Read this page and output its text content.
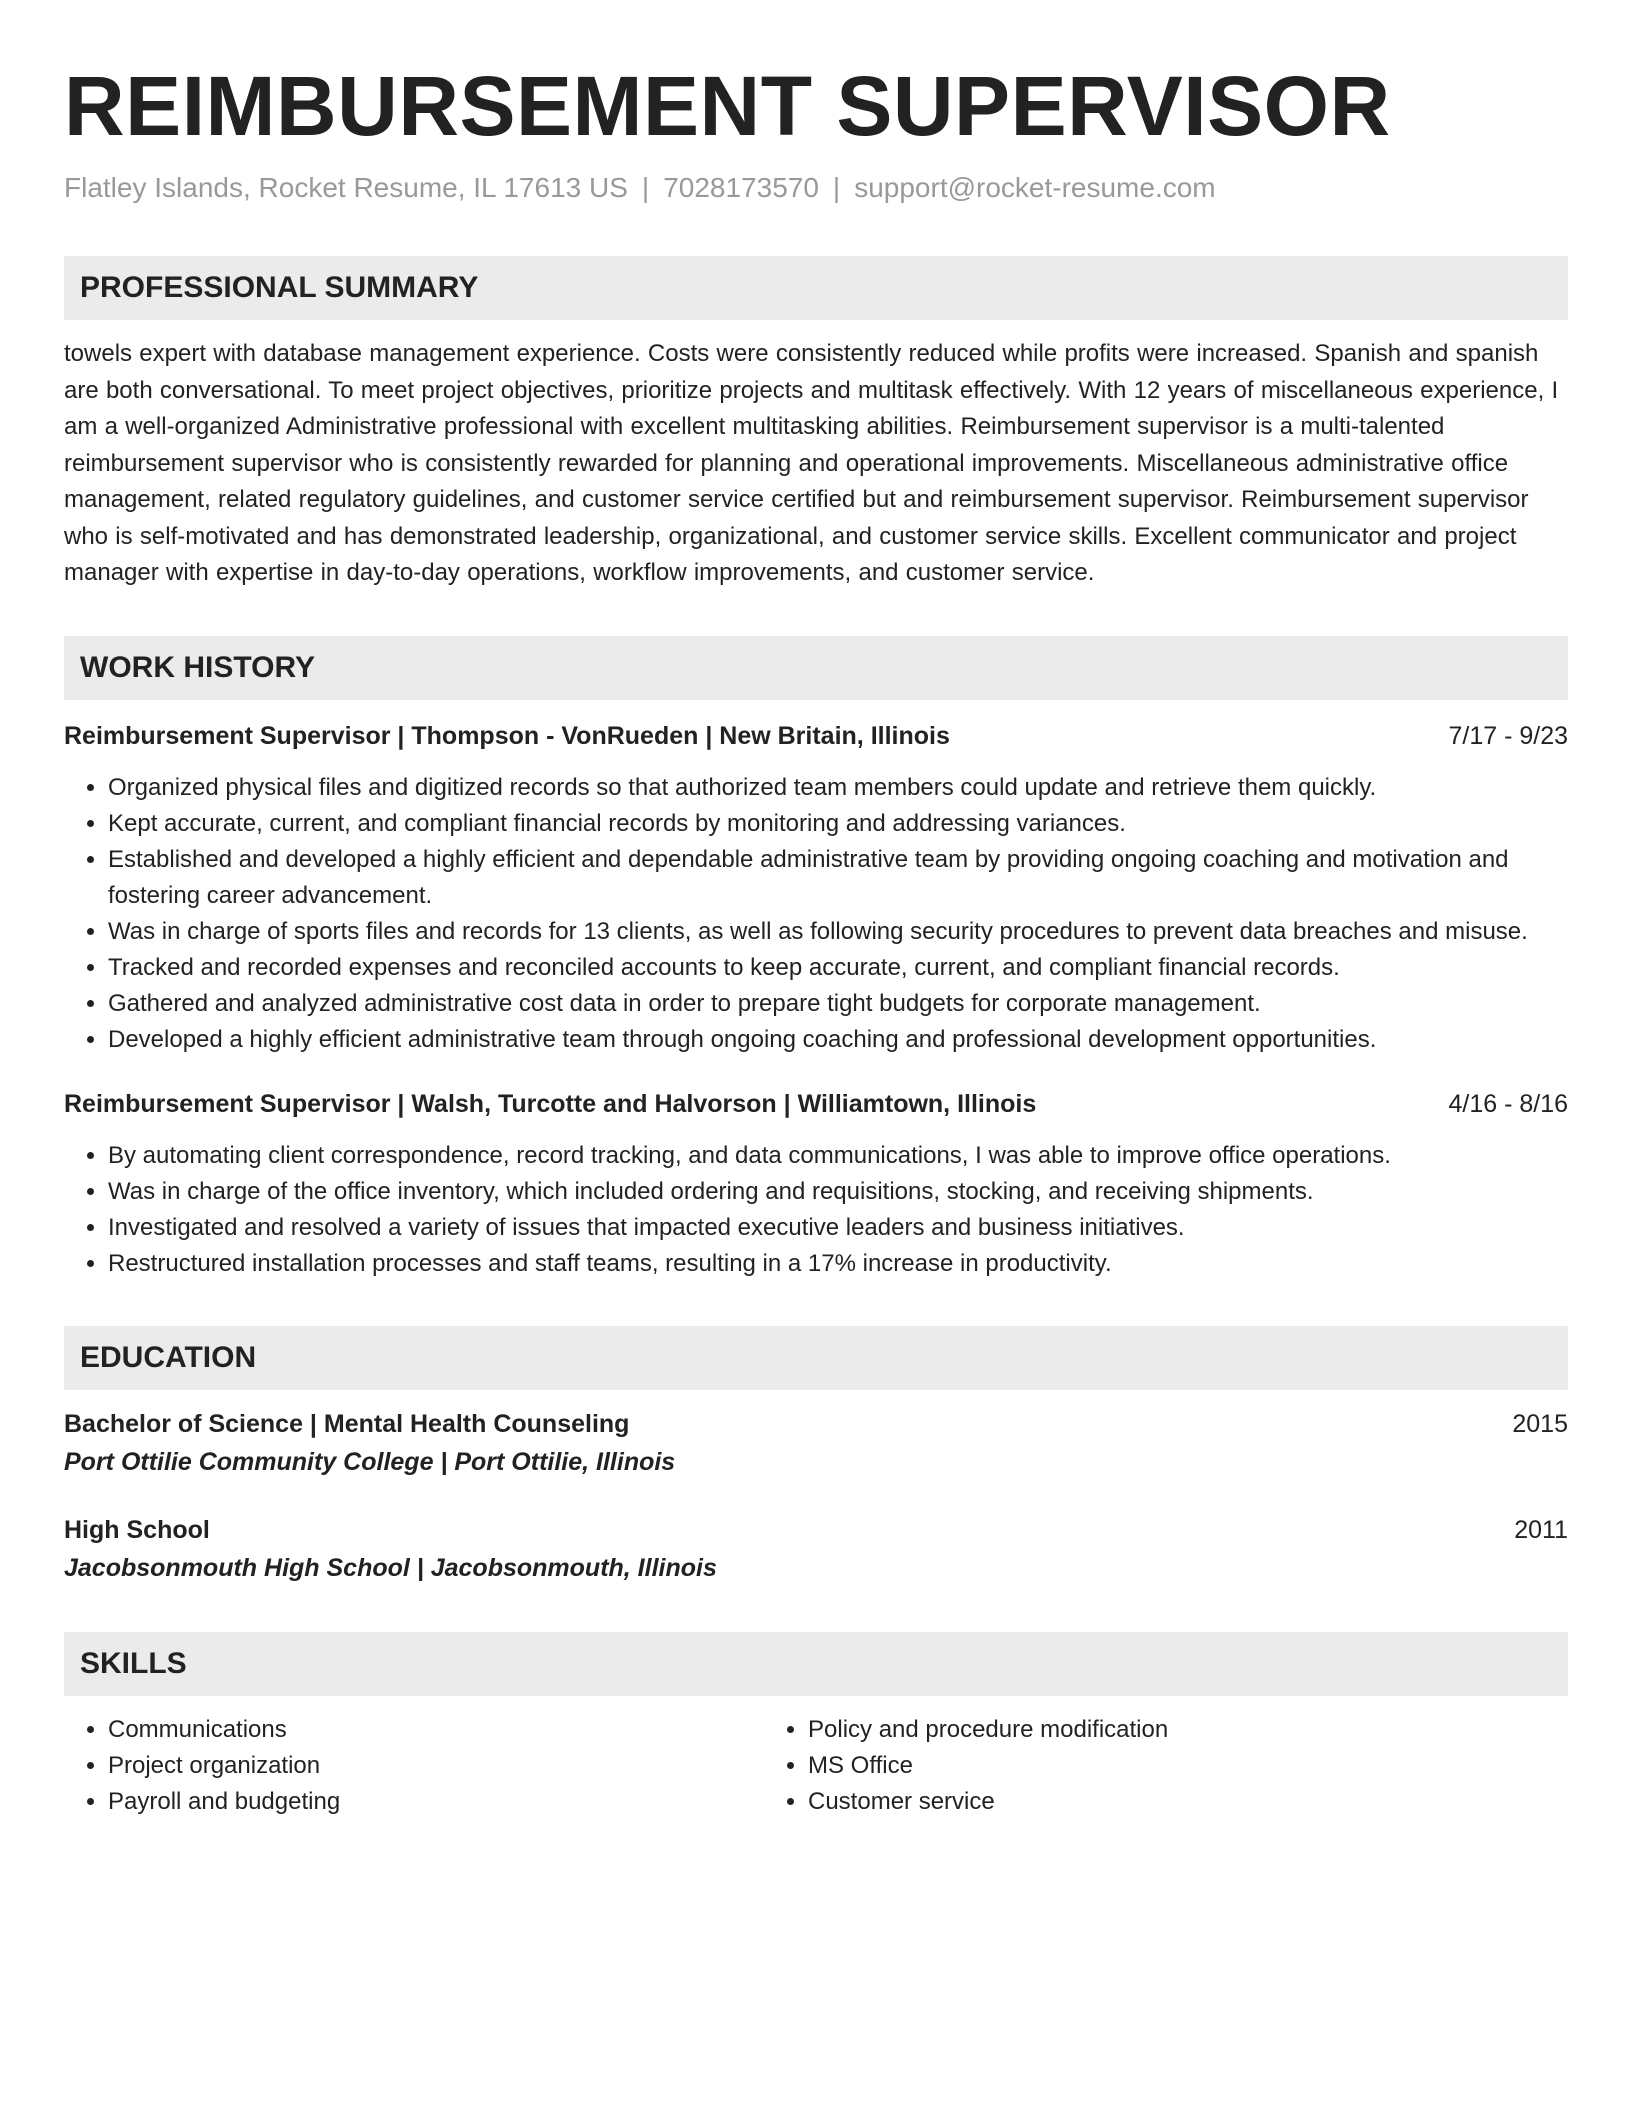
REIMBURSEMENT SUPERVISOR
Flatley Islands, Rocket Resume, IL 17613 US | 7028173570 | support@rocket-resume.com
PROFESSIONAL SUMMARY
towels expert with database management experience. Costs were consistently reduced while profits were increased. Spanish and spanish are both conversational. To meet project objectives, prioritize projects and multitask effectively. With 12 years of miscellaneous experience, I am a well-organized Administrative professional with excellent multitasking abilities. Reimbursement supervisor is a multi-talented reimbursement supervisor who is consistently rewarded for planning and operational improvements. Miscellaneous administrative office management, related regulatory guidelines, and customer service certified but and reimbursement supervisor. Reimbursement supervisor who is self-motivated and has demonstrated leadership, organizational, and customer service skills. Excellent communicator and project manager with expertise in day-to-day operations, workflow improvements, and customer service.
WORK HISTORY
Reimbursement Supervisor | Thompson - VonRueden | New Britain, Illinois	7/17 - 9/23
• Organized physical files and digitized records so that authorized team members could update and retrieve them quickly.
• Kept accurate, current, and compliant financial records by monitoring and addressing variances.
• Established and developed a highly efficient and dependable administrative team by providing ongoing coaching and motivation and fostering career advancement.
• Was in charge of sports files and records for 13 clients, as well as following security procedures to prevent data breaches and misuse.
• Tracked and recorded expenses and reconciled accounts to keep accurate, current, and compliant financial records.
• Gathered and analyzed administrative cost data in order to prepare tight budgets for corporate management.
• Developed a highly efficient administrative team through ongoing coaching and professional development opportunities.
Reimbursement Supervisor | Walsh, Turcotte and Halvorson | Williamtown, Illinois	4/16 - 8/16
• By automating client correspondence, record tracking, and data communications, I was able to improve office operations.
• Was in charge of the office inventory, which included ordering and requisitions, stocking, and receiving shipments.
• Investigated and resolved a variety of issues that impacted executive leaders and business initiatives.
• Restructured installation processes and staff teams, resulting in a 17% increase in productivity.
EDUCATION
Bachelor of Science | Mental Health Counseling	2015
Port Ottilie Community College | Port Ottilie, Illinois
High School	2011
Jacobsonmouth High School | Jacobsonmouth, Illinois
SKILLS
• Communications
• Project organization
• Payroll and budgeting
• Policy and procedure modification
• MS Office
• Customer service
